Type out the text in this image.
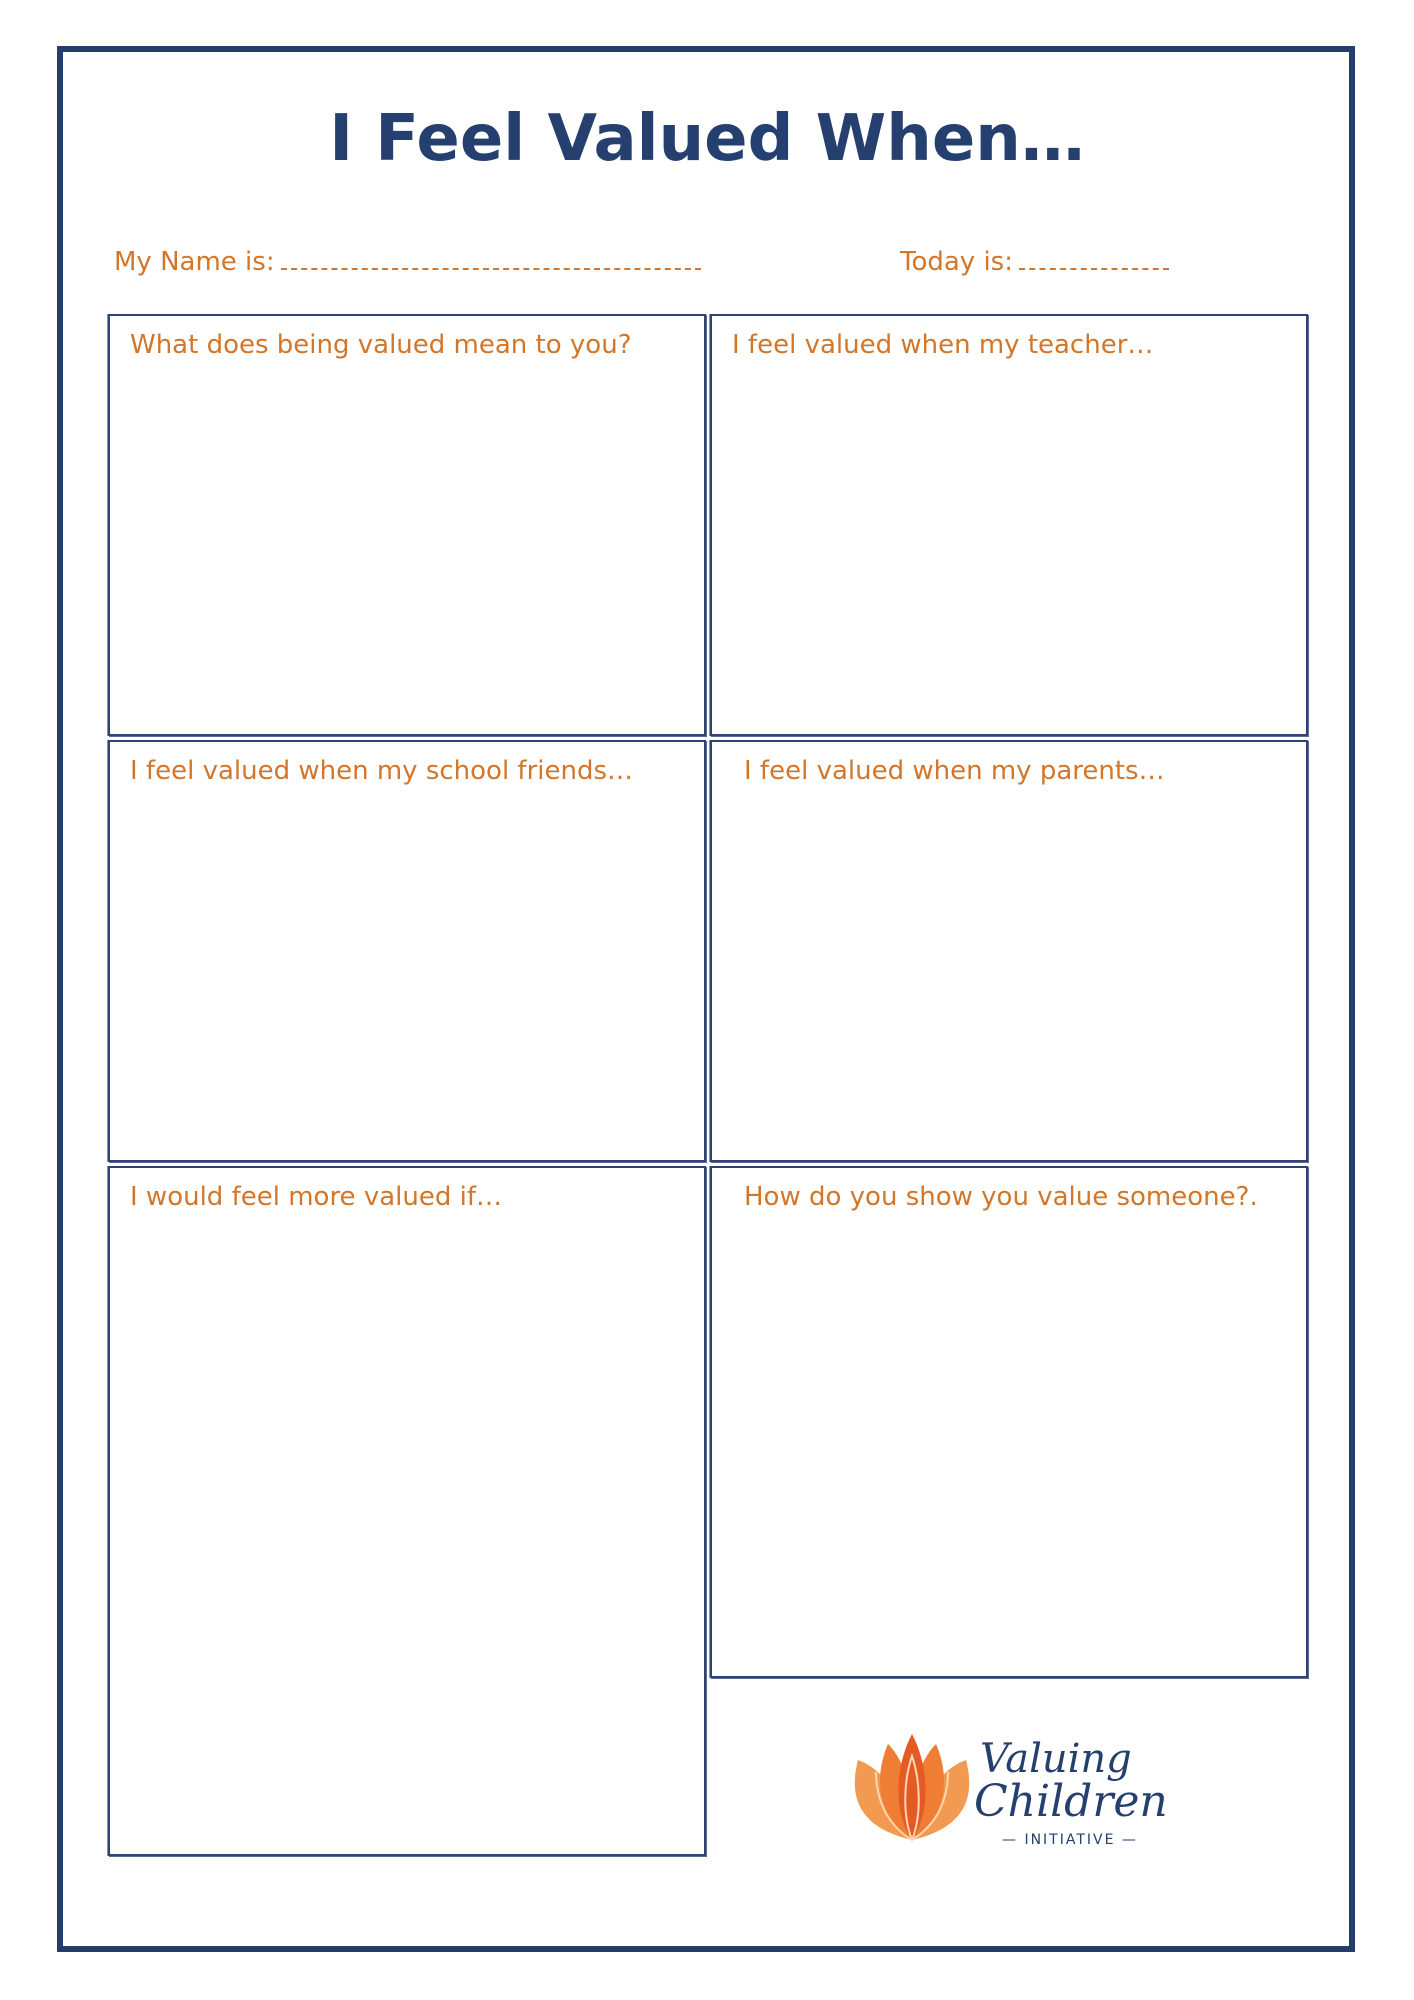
I Feel Valued When…
My Name is:	Today is:
What does being valued mean to you?	I feel valued when my teacher…
I feel valued when my school friends…	I feel valued when my parents…
I would feel more valued if…	How do you show you value someone?.
Valuing
Children
— INITIATIVE —
